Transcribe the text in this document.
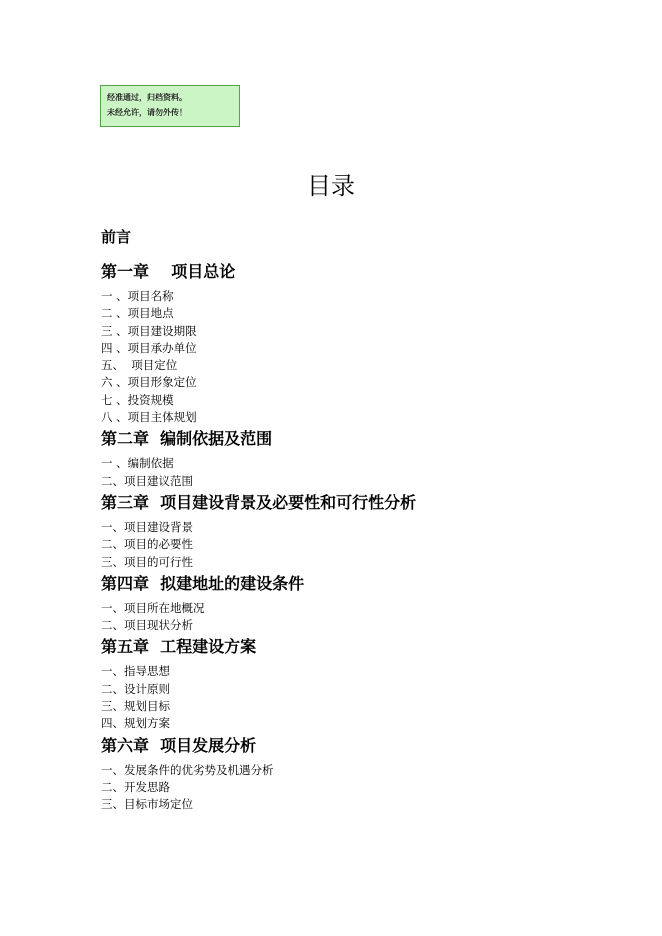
经准通过，归档资料。
未经允许，请勿外传！
目录
前言
第一章    项目总论
一 、项目名称
二 、项目地点
三 、项目建设期限
四 、项目承办单位
五、  项目定位
六 、项目形象定位
七 、投资规模
八 、项目主体规划
第二章  编制依据及范围
一 、编制依据
二、项目建议范围
第三章  项目建设背景及必要性和可行性分析
一、项目建设背景
二、项目的必要性
三、项目的可行性
第四章  拟建地址的建设条件
一、项目所在地概况
二、项目现状分析
第五章  工程建设方案
一、指导思想
二、设计原则
三、规划目标
四、规划方案
第六章  项目发展分析
一、发展条件的优劣势及机遇分析
二、开发思路
三、目标市场定位
